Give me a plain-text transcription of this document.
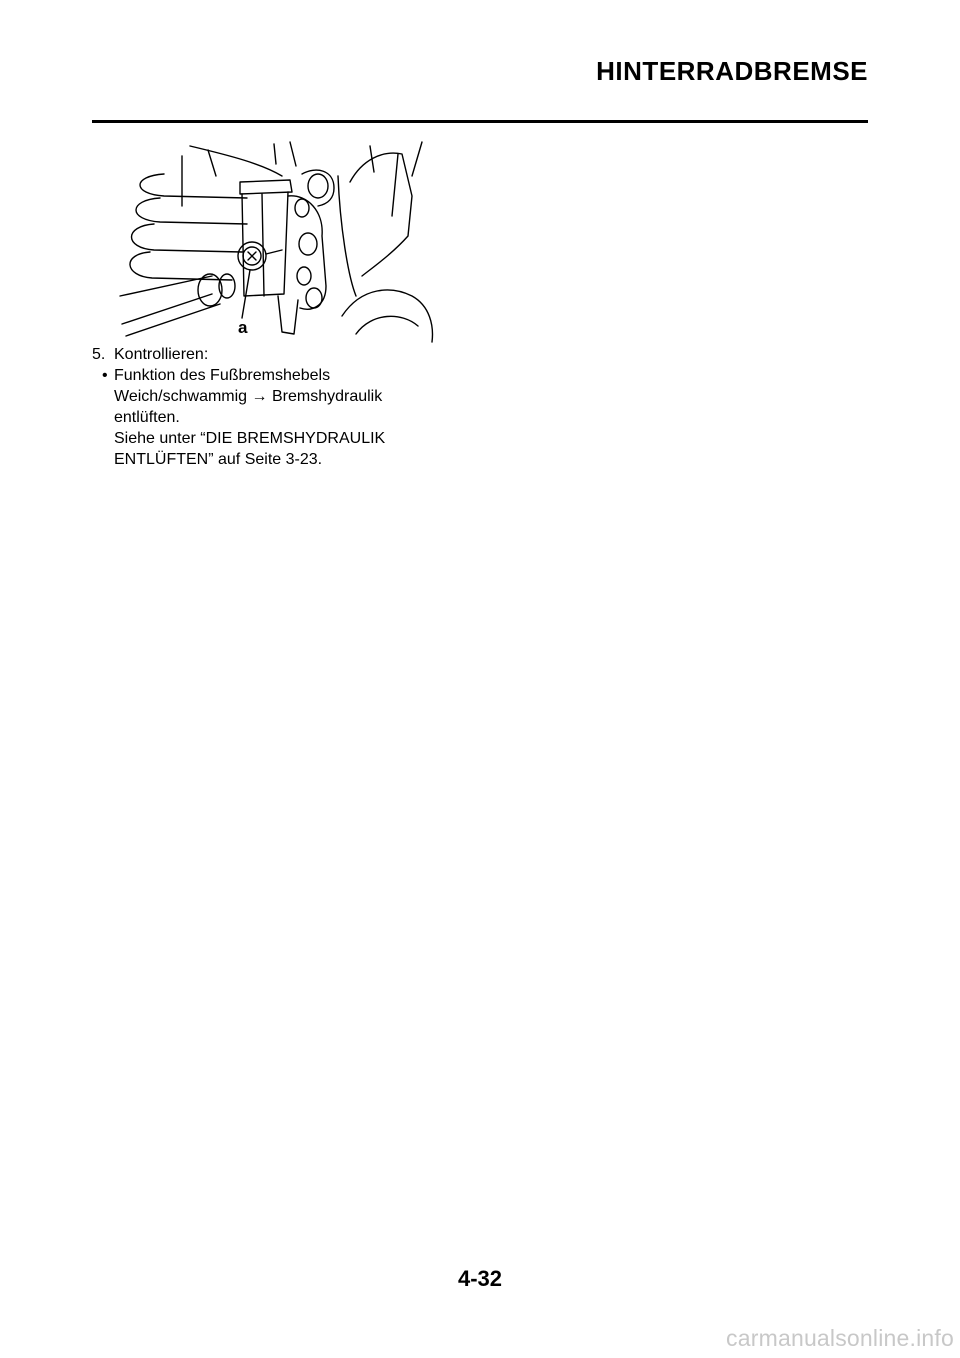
HINTERRADBREMSE
a
5. Kontrollieren:
• Funktion des Fußbremshebels
Weich/schwammig → Bremshydraulik
entlüften.
Siehe unter “DIE BREMSHYDRAULIK
ENTLÜFTEN” auf Seite 3-23.
4-32
carmanualsonline.info
